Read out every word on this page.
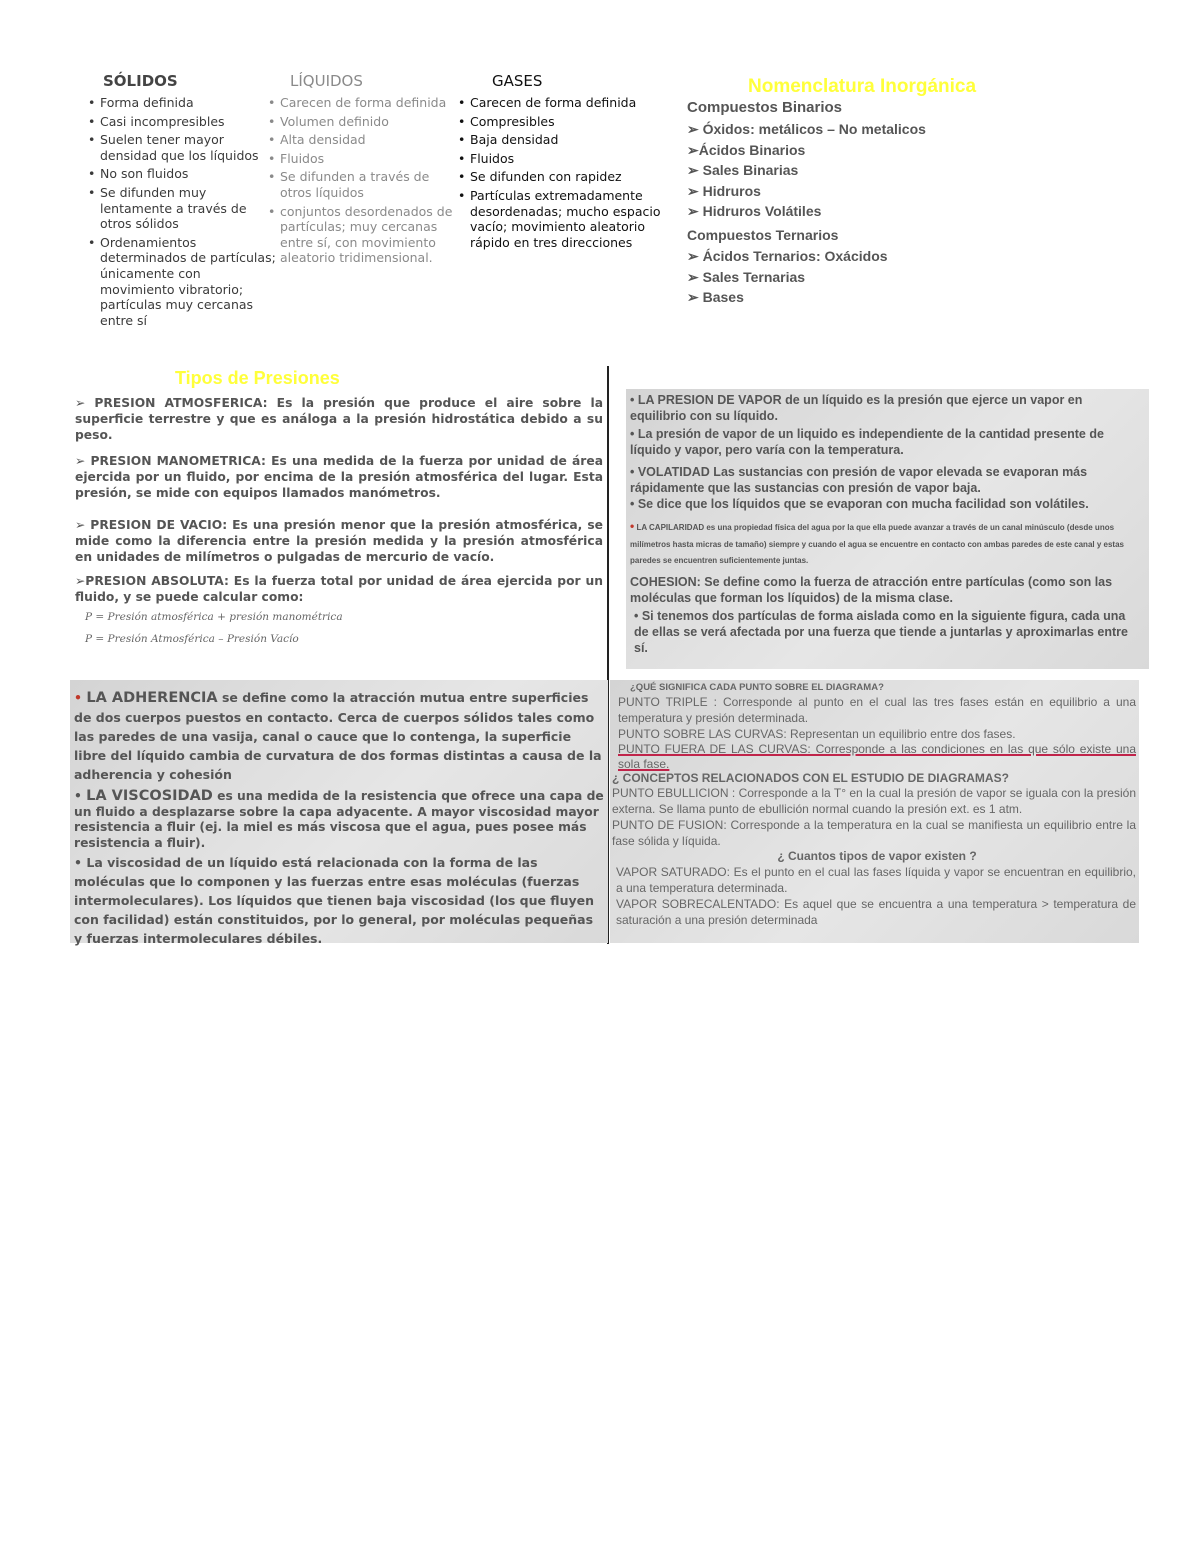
SÓLIDOS
• Forma definida
• Casi incompresibles
• Suelen tener mayor densidad que los líquidos
• No son fluidos
• Se difunden muy lentamente a través de otros sólidos
• Ordenamientos determinados de partículas; únicamente con movimiento vibratorio; partículas muy cercanas entre sí
LÍQUIDOS
• Carecen de forma definida
• Volumen definido
• Alta densidad
• Fluidos
• Se difunden a través de otros líquidos
• conjuntos desordenados de partículas; muy cercanas entre sí, con movimiento aleatorio tridimensional.
GASES
• Carecen de forma definida
• Compresibles
• Baja densidad
• Fluidos
• Se difunden con rapidez
• Partículas extremadamente desordenadas; mucho espacio vacío; movimiento aleatorio rápido en tres direcciones
Nomenclatura Inorgánica
Compuestos Binarios
➢ Óxidos: metálicos – No metalicos
➢Ácidos Binarios
➢ Sales Binarias
➢ Hidruros
➢ Hidruros Volátiles
Compuestos Ternarios
➢ Ácidos Ternarios: Oxácidos
➢ Sales Ternarias
➢ Bases
Tipos de Presiones

➢ PRESION ATMOSFERICA: Es la presión que produce el aire sobre la superficie terrestre y que es análoga a la presión hidrostática debido a su peso.

➢ PRESION MANOMETRICA: Es una medida de la fuerza por unidad de área ejercida por un fluido, por encima de la presión atmosférica del lugar. Esta presión, se mide con equipos llamados manómetros.

➢ PRESION DE VACIO: Es una presión menor que la presión atmosférica, se mide como la diferencia entre la presión medida y la presión atmosférica en unidades de milímetros o pulgadas de mercurio de vacío.

➢PRESION ABSOLUTA: Es la fuerza total por unidad de área ejercida por un fluido, y se puede calcular como:

P = Presión atmosférica + presión manométrica
P = Presión Atmosférica – Presión Vacío

• LA PRESION DE VAPOR de un líquido es la presión que ejerce un vapor en equilibrio con su líquido.

• La presión de vapor de un liquido es independiente de la cantidad presente de líquido y vapor, pero varía con la temperatura.

• VOLATIDAD Las sustancias con presión de vapor elevada se evaporan más rápidamente que las sustancias con presión de vapor baja.

• Se dice que los líquidos que se evaporan con mucha facilidad son volátiles.

• LA CAPILARIDAD es una propiedad física del agua por la que ella puede avanzar a través de un canal minúsculo (desde unos milímetros hasta micras de tamaño) siempre y cuando el agua se encuentre en contacto con ambas paredes de este canal y estas paredes se encuentren suficientemente juntas.

COHESION: Se define como la fuerza de atracción entre partículas (como son las moléculas que forman los líquidos) de la misma clase.

• Si tenemos dos partículas de forma aislada como en la siguiente figura, cada una de ellas se verá afectada por una fuerza que tiende a juntarlas y aproximarlas entre sí.

• LA ADHERENCIA se define como la atracción mutua entre superficies de dos cuerpos puestos en contacto. Cerca de cuerpos sólidos tales como las paredes de una vasija, canal o cauce que lo contenga, la superficie libre del líquido cambia de curvatura de dos formas distintas a causa de la adherencia y cohesión

• LA VISCOSIDAD es una medida de la resistencia que ofrece una capa de un fluido a desplazarse sobre la capa adyacente. A mayor viscosidad mayor resistencia a fluir (ej. la miel es más viscosa que el agua, pues posee más resistencia a fluir).

• La viscosidad de un líquido está relacionada con la forma de las moléculas que lo componen y las fuerzas entre esas moléculas (fuerzas intermoleculares). Los líquidos que tienen baja viscosidad (los que fluyen con facilidad) están constituidos, por lo general, por moléculas pequeñas y fuerzas intermoleculares débiles.

¿QUÉ SIGNIFICA CADA PUNTO SOBRE EL DIAGRAMA?

PUNTO TRIPLE : Corresponde al punto en el cual las tres fases están en equilibrio a una temperatura y presión determinada.

PUNTO SOBRE LAS CURVAS: Representan un equilibrio entre dos fases.

PUNTO FUERA DE LAS CURVAS: Corresponde a las condiciones en las que sólo existe una sola fase.

¿ CONCEPTOS RELACIONADOS CON EL ESTUDIO DE DIAGRAMAS?

PUNTO EBULLICION : Corresponde a la T° en la cual la presión de vapor se iguala con la presión externa. Se llama punto de ebullición normal cuando la presión ext. es 1 atm.

PUNTO DE FUSION: Corresponde a la temperatura en la cual se manifiesta un equilibrio entre la fase sólida y líquida.

¿ Cuantos tipos de vapor existen ?

VAPOR SATURADO: Es el punto en el cual las fases líquida y vapor se encuentran en equilibrio, a una temperatura determinada.

VAPOR SOBRECALENTADO: Es aquel que se encuentra a una temperatura > temperatura de saturación a una presión determinada
